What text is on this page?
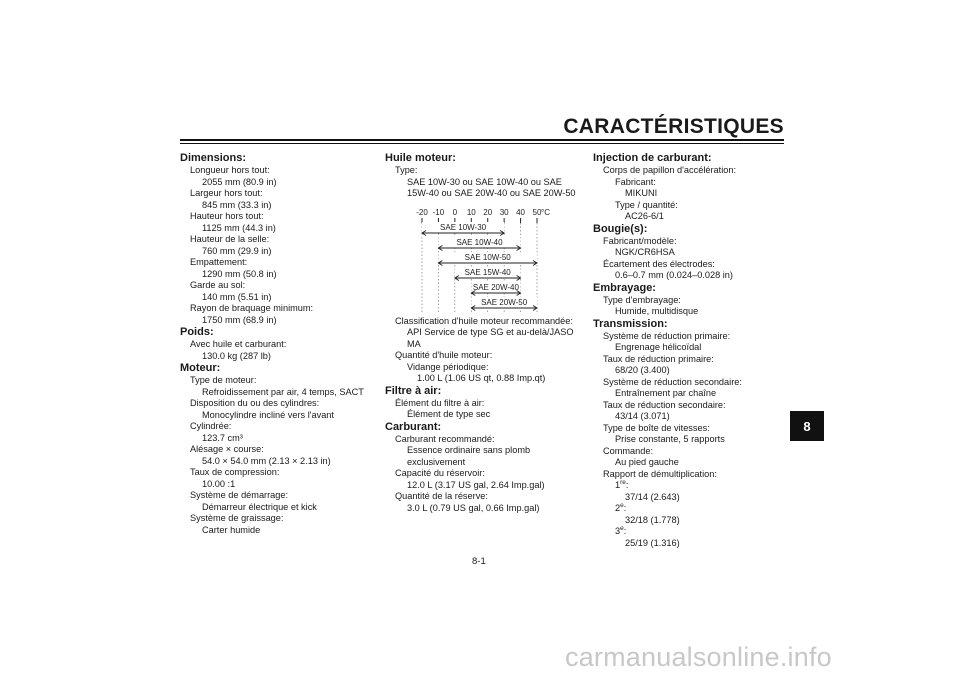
CARACTÉRISTIQUES
8
Dimensions:
Longueur hors tout:
2055 mm (80.9 in)
Largeur hors tout:
845 mm (33.3 in)
Hauteur hors tout:
1125 mm (44.3 in)
Hauteur de la selle:
760 mm (29.9 in)
Empattement:
1290 mm (50.8 in)
Garde au sol:
140 mm (5.51 in)
Rayon de braquage minimum:
1750 mm (68.9 in)
Poids:
Avec huile et carburant:
130.0 kg (287 lb)
Moteur:
Type de moteur:
Refroidissement par air, 4 temps, SACT
Disposition du ou des cylindres:
Monocylindre incliné vers l'avant
Cylindrée:
123.7 cm³
Alésage × course:
54.0 × 54.0 mm (2.13 × 2.13 in)
Taux de compression:
10.00 :1
Système de démarrage:
Démarreur électrique et kick
Système de graissage:
Carter humide
Huile moteur:
Type:
SAE 10W-30 ou SAE 10W-40 ou SAE
15W-40 ou SAE 20W-40 ou SAE 20W-50
-20 -10 0 10 20 30 40 50 °C
SAE 10W-30
SAE 10W-40
SAE 10W-50
SAE 15W-40
SAE 20W-40
SAE 20W-50
Classification d'huile moteur recommandée:
API Service de type SG et au-delà/JASO
MA
Quantité d'huile moteur:
Vidange périodique:
1.00 L (1.06 US qt, 0.88 Imp.qt)
Filtre à air:
Élément du filtre à air:
Élément de type sec
Carburant:
Carburant recommandé:
Essence ordinaire sans plomb
exclusivement
Capacité du réservoir:
12.0 L (3.17 US gal, 2.64 Imp.gal)
Quantité de la réserve:
3.0 L (0.79 US gal, 0.66 Imp.gal)
Injection de carburant:
Corps de papillon d'accélération:
Fabricant:
MIKUNI
Type / quantité:
AC26-6/1
Bougie(s):
Fabricant/modèle:
NGK/CR6HSA
Écartement des électrodes:
0.6–0.7 mm (0.024–0.028 in)
Embrayage:
Type d'embrayage:
Humide, multidisque
Transmission:
Système de réduction primaire:
Engrenage hélicoïdal
Taux de réduction primaire:
68/20 (3.400)
Système de réduction secondaire:
Entraînement par chaîne
Taux de réduction secondaire:
43/14 (3.071)
Type de boîte de vitesses:
Prise constante, 5 rapports
Commande:
Au pied gauche
Rapport de démultiplication:
1re:
37/14 (2.643)
2e:
32/18 (1.778)
3e:
25/19 (1.316)
8-1
carmanualsonline.info
